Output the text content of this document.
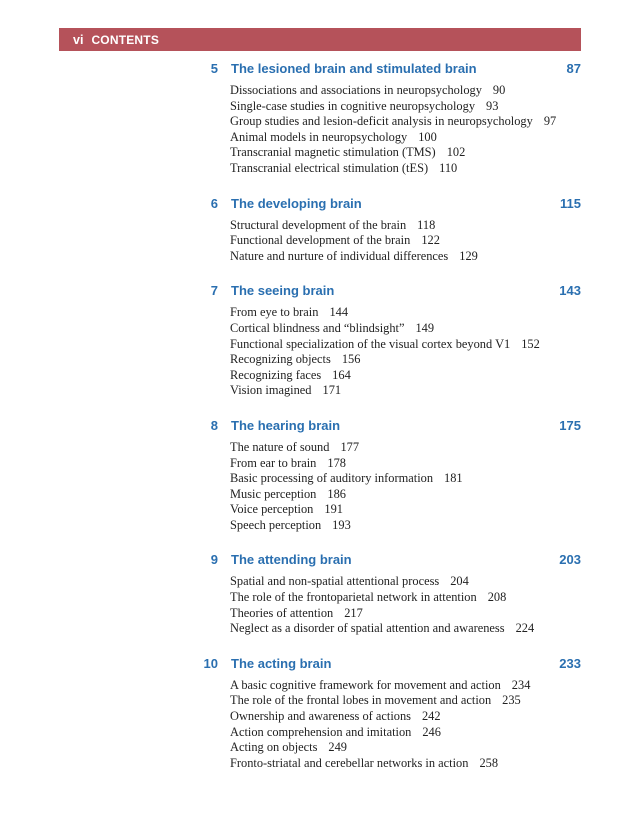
vi CONTENTS
5 The lesioned brain and stimulated brain	87
Dissociations and associations in neuropsychology 90
Single-case studies in cognitive neuropsychology 93
Group studies and lesion-deficit analysis in neuropsychology 97
Animal models in neuropsychology 100
Transcranial magnetic stimulation (TMS) 102
Transcranial electrical stimulation (tES) 110
6 The developing brain	115
Structural development of the brain 118
Functional development of the brain 122
Nature and nurture of individual differences 129
7 The seeing brain	143
From eye to brain 144
Cortical blindness and “blindsight” 149
Functional specialization of the visual cortex beyond V1 152
Recognizing objects 156
Recognizing faces 164
Vision imagined 171
8 The hearing brain	175
The nature of sound 177
From ear to brain 178
Basic processing of auditory information 181
Music perception 186
Voice perception 191
Speech perception 193
9 The attending brain	203
Spatial and non-spatial attentional process 204
The role of the frontoparietal network in attention 208
Theories of attention 217
Neglect as a disorder of spatial attention and awareness 224
10 The acting brain	233
A basic cognitive framework for movement and action 234
The role of the frontal lobes in movement and action 235
Ownership and awareness of actions 242
Action comprehension and imitation 246
Acting on objects 249
Fronto-striatal and cerebellar networks in action 258
